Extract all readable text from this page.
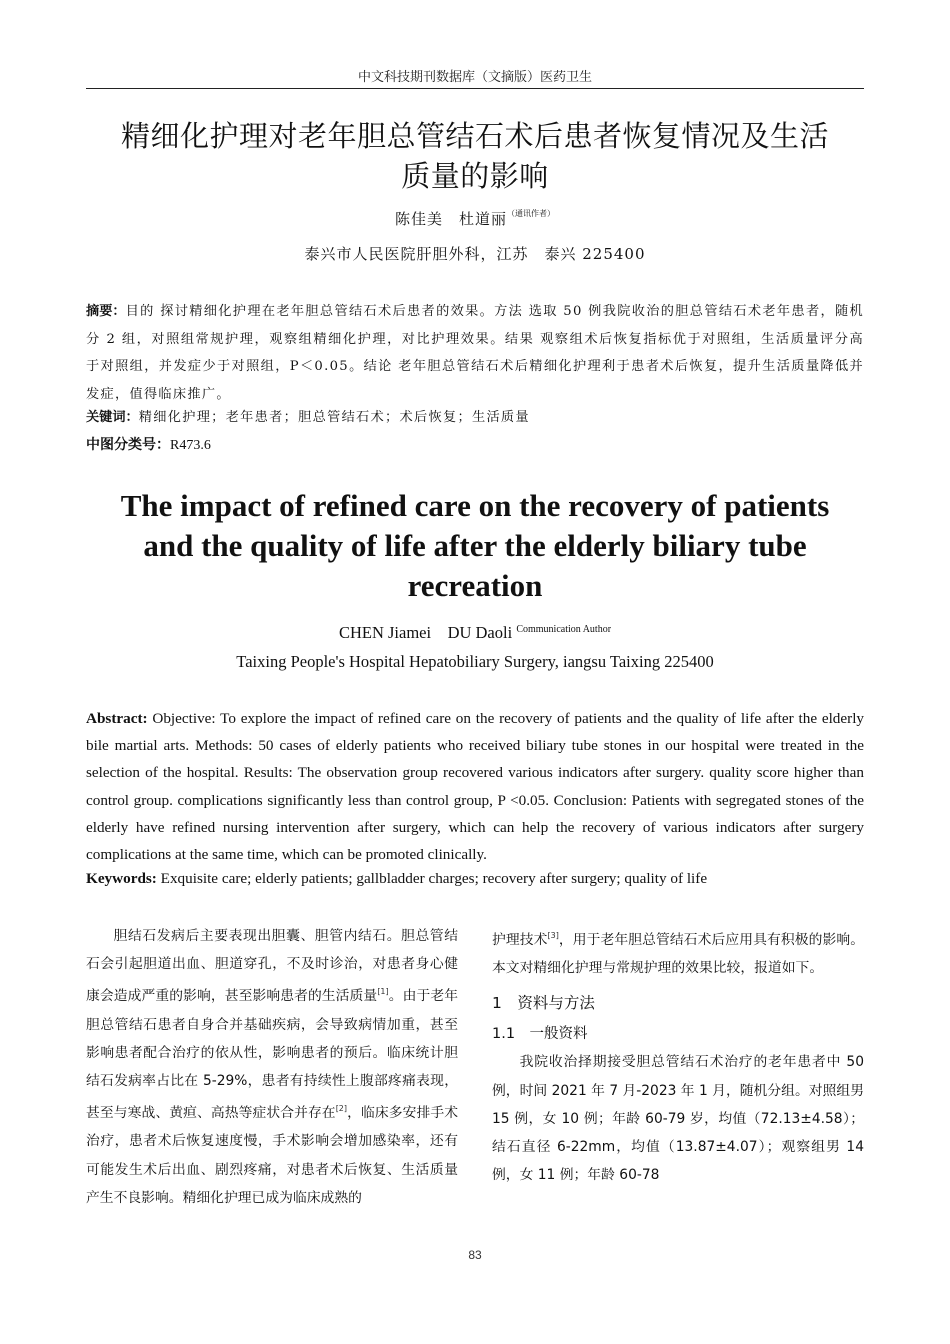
中文科技期刊数据库（文摘版）医药卫生
精细化护理对老年胆总管结石术后患者恢复情况及生活
质量的影响
陈佳美　杜道丽$^{(通讯作者)}$
泰兴市人民医院肝胆外科，江苏　泰兴 225400

摘要：目的 探讨精细化护理在老年胆总管结石术后患者的效果。方法 选取 50 例我院收治的胆总管结石术老年患者，随机分 2 组，对照组常规护理，观察组精细化护理，对比护理效果。结果 观察组术后恢复指标优于对照组，生活质量评分高于对照组，并发症少于对照组，P＜0.05。结论 老年胆总管结石术后精细化护理利于患者术后恢复，提升生活质量降低并发症，值得临床推广。

关键词：精细化护理；老年患者；胆总管结石术；术后恢复；生活质量

中图分类号：R473.6

The impact of refined care on the recovery of patients
and the quality of life after the elderly biliary tube
recreation
CHEN Jiamei　DU Daoli $^{Communication Author}$
Taixing People's Hospital Hepatobiliary Surgery, iangsu Taixing 225400

Abstract: Objective: To explore the impact of refined care on the recovery of patients and the quality of life after the elderly bile martial arts. Methods: 50 cases of elderly patients who received biliary tube stones in our hospital were treated in the selection of the hospital. Results: The observation group recovered various indicators after surgery. quality score higher than control group. complications significantly less than control group, P <0.05. Conclusion: Patients with segregated stones of the elderly have refined nursing intervention after surgery, which can help the recovery of various indicators after surgery complications at the same time, which can be promoted clinically.

Keywords: Exquisite care; elderly patients; gallbladder charges; recovery after surgery; quality of life

胆结石发病后主要表现出胆囊、胆管内结石。胆总管结石会引起胆道出血、胆道穿孔，不及时诊治，对患者身心健康会造成严重的影响，甚至影响患者的生活质量[1]。由于老年胆总管结石患者自身合并基础疾病，会导致病情加重，甚至影响患者配合治疗的依从性，影响患者的预后。临床统计胆结石发病率占比在 5-29%，患者有持续性上腹部疼痛表现，甚至与寒战、黄疸、高热等症状合并存在[2]，临床多安排手术治疗，患者术后恢复速度慢，手术影响会增加感染率，还有可能发生术后出血、剧烈疼痛，对患者术后恢复、生活质量产生不良影响。精细化护理已成为临床成熟的

护理技术[3]，用于老年胆总管结石术后应用具有积极的影响。本文对精细化护理与常规护理的效果比较，报道如下。

1　资料与方法
1.1　一般资料

我院收治择期接受胆总管结石术治疗的老年患者中 50 例，时间 2021 年 7 月-2023 年 1 月，随机分组。对照组男 15 例，女 10 例；年龄 60-79 岁，均值（72.13±4.58）；结石直径 6-22mm，均值（13.87±4.07）；观察组男 14 例，女 11 例；年龄 60-78

83
